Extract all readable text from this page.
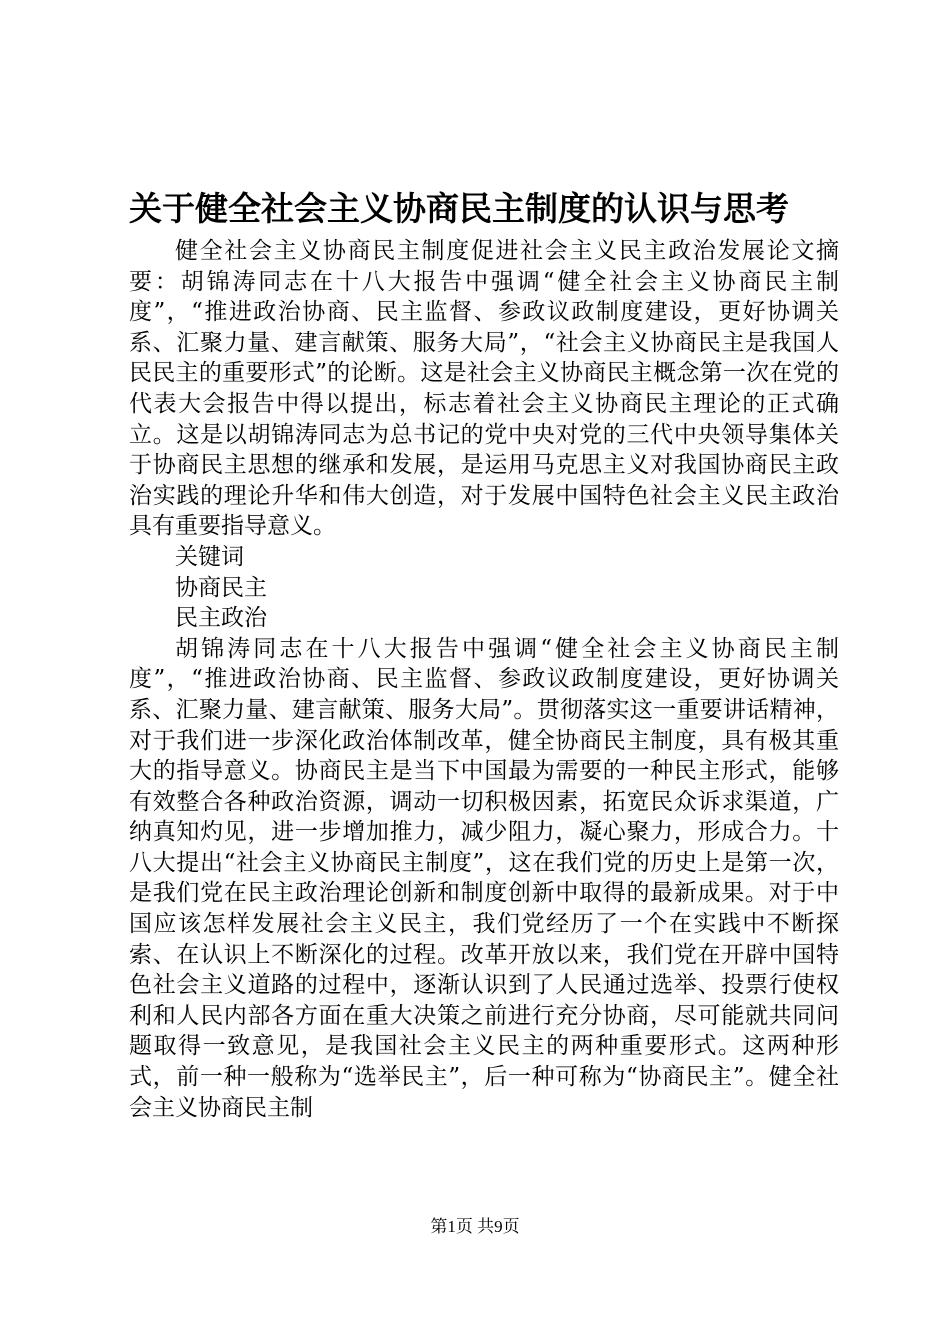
关于健全社会主义协商民主制度的认识与思考

健全社会主义协商民主制度促进社会主义民主政治发展论文摘要：胡锦涛同志在十八大报告中强调“健全社会主义协商民主制度”，“推进政治协商、民主监督、参政议政制度建设，更好协调关系、汇聚力量、建言献策、服务大局”，“社会主义协商民主是我国人民民主的重要形式”的论断。这是社会主义协商民主概念第一次在党的代表大会报告中得以提出，标志着社会主义协商民主理论的正式确立。这是以胡锦涛同志为总书记的党中央对党的三代中央领导集体关于协商民主思想的继承和发展，是运用马克思主义对我国协商民主政治实践的理论升华和伟大创造，对于发展中国特色社会主义民主政治具有重要指导意义。

关键词

协商民主

民主政治

胡锦涛同志在十八大报告中强调“健全社会主义协商民主制度”，“推进政治协商、民主监督、参政议政制度建设，更好协调关系、汇聚力量、建言献策、服务大局”。贯彻落实这一重要讲话精神，对于我们进一步深化政治体制改革，健全协商民主制度，具有极其重大的指导意义。协商民主是当下中国最为需要的一种民主形式，能够有效整合各种政治资源，调动一切积极因素，拓宽民众诉求渠道，广纳真知灼见，进一步增加推力，减少阻力，凝心聚力，形成合力。十八大提出“社会主义协商民主制度”，这在我们党的历史上是第一次，是我们党在民主政治理论创新和制度创新中取得的最新成果。对于中国应该怎样发展社会主义民主，我们党经历了一个在实践中不断探索、在认识上不断深化的过程。改革开放以来，我们党在开辟中国特色社会主义道路的过程中，逐渐认识到了人民通过选举、投票行使权利和人民内部各方面在重大决策之前进行充分协商，尽可能就共同问题取得一致意见，是我国社会主义民主的两种重要形式。这两种形式，前一种一般称为“选举民主”，后一种可称为“协商民主”。健全社会主义协商民主制

第1页 共9页
